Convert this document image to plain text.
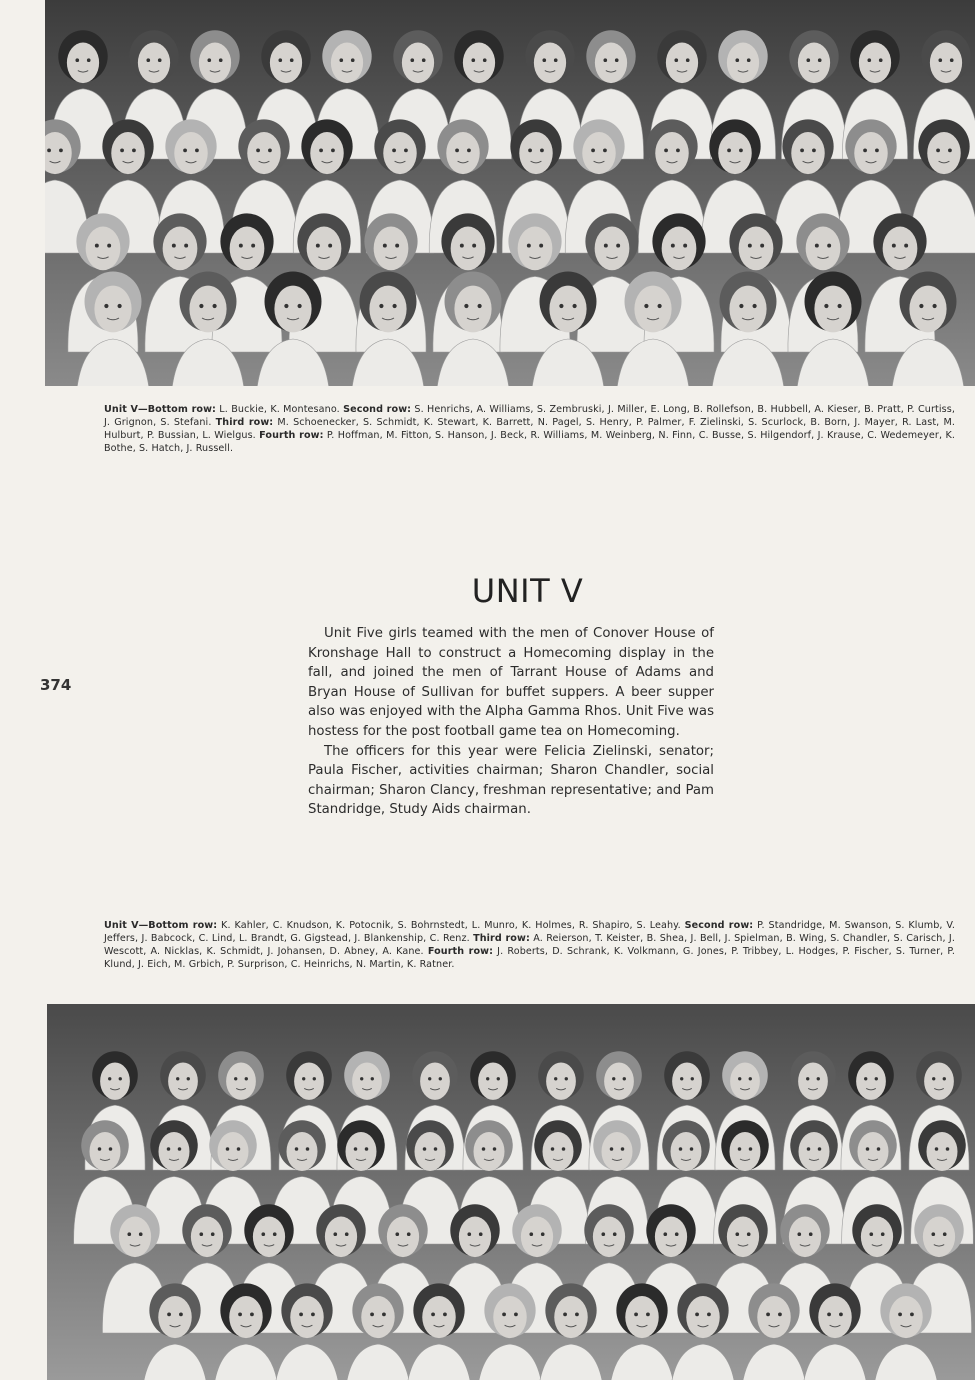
Unit V—Bottom row: L. Buckie, K. Montesano. Second row: S. Henrichs, A. Williams, S. Zembruski, J. Miller, E. Long, B. Rollefson, B. Hubbell, A. Kieser, B. Pratt, P. Curtiss, J. Grignon, S. Stefani. Third row: M. Schoenecker, S. Schmidt, K. Stewart, K. Barrett, N. Pagel, S. Henry, P. Palmer, F. Zielinski, S. Scurlock, B. Born, J. Mayer, R. Last, M. Hulburt, P. Bussian, L. Wielgus. Fourth row: P. Hoffman, M. Fitton, S. Hanson, J. Beck, R. Williams, M. Weinberg, N. Finn, C. Busse, S. Hilgendorf, J. Krause, C. Wedemeyer, K. Bothe, S. Hatch, J. Russell.
UNIT V
374

Unit Five girls teamed with the men of Conover House of Kronshage Hall to construct a Homecoming display in the fall, and joined the men of Tarrant House of Adams and Bryan House of Sullivan for buffet suppers. A beer supper also was enjoyed with the Alpha Gamma Rhos. Unit Five was hostess for the post football game tea on Homecoming.

The officers for this year were Felicia Zielinski, senator; Paula Fischer, activities chairman; Sharon Chandler, social chairman; Sharon Clancy, freshman representative; and Pam Standridge, Study Aids chairman.

Unit V—Bottom row: K. Kahler, C. Knudson, K. Potocnik, S. Bohrnstedt, L. Munro, K. Holmes, R. Shapiro, S. Leahy. Second row: P. Standridge, M. Swanson, S. Klumb, V. Jeffers, J. Babcock, C. Lind, L. Brandt, G. Gigstead, J. Blankenship, C. Renz. Third row: A. Reierson, T. Keister, B. Shea, J. Bell, J. Spielman, B. Wing, S. Chandler, S. Carisch, J. Wescott, A. Nicklas, K. Schmidt, J. Johansen, D. Abney, A. Kane. Fourth row: J. Roberts, D. Schrank, K. Volkmann, G. Jones, P. Tribbey, L. Hodges, P. Fischer, S. Turner, P. Klund, J. Eich, M. Grbich, P. Surprison, C. Heinrichs, N. Martin, K. Ratner.
